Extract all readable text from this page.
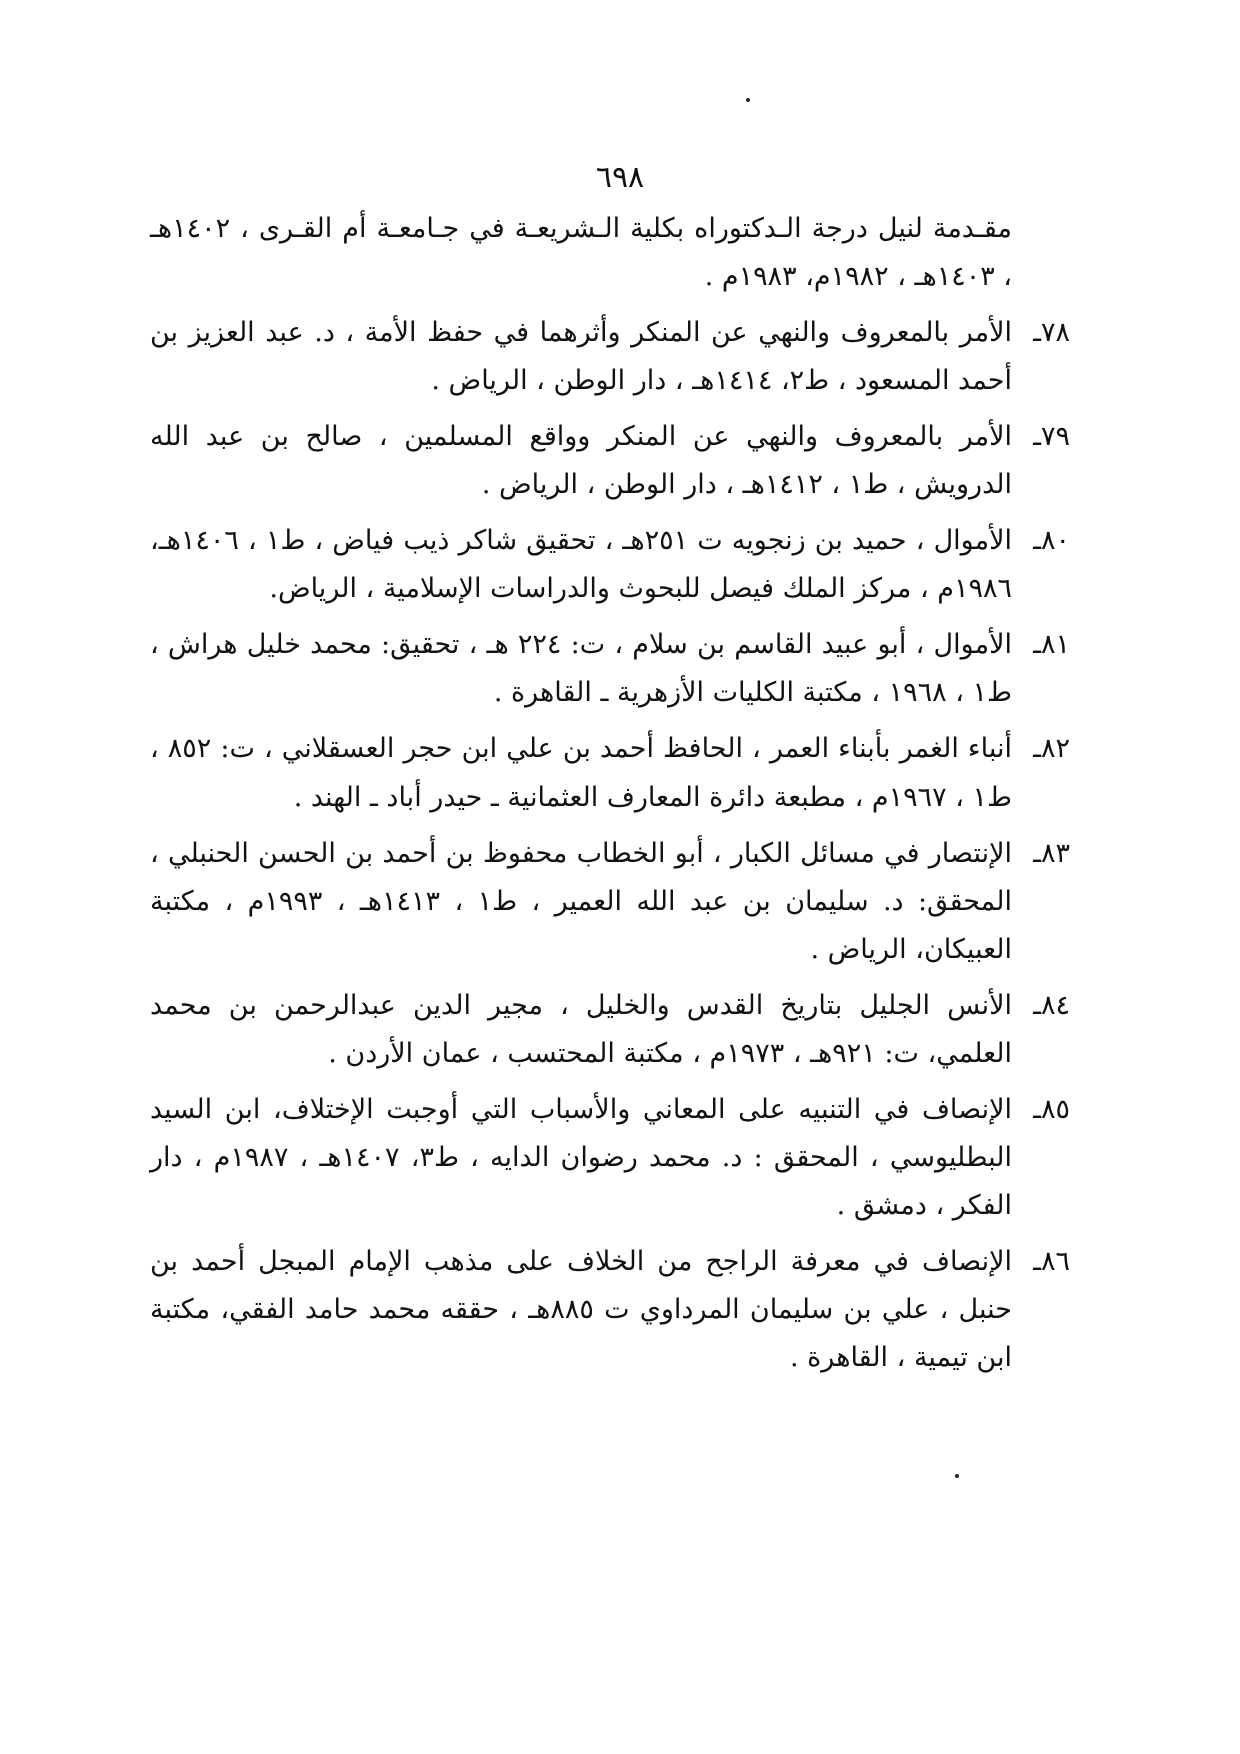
٦٩٨
مقـدمة لنيل درجة الـدكتوراه بكلية الـشريعـة في جـامعـة أم القـرى ، ١٤٠٢هـ ، ١٤٠٣هـ ، ١٩٨٢م، ١٩٨٣م .
٧٨ـ
الأمر بالمعروف والنهي عن المنكر وأثرهما في حفظ الأمة ، د. عبد العزيز بن أحمد المسعود ، ط٢، ١٤١٤هـ ، دار الوطن ، الرياض .
٧٩ـ
الأمر بالمعروف والنهي عن المنكر وواقع المسلمين ، صالح بن عبد الله الدرويش ، ط١ ، ١٤١٢هـ ، دار الوطن ، الرياض .
٨٠ـ
الأموال ، حميد بن زنجويه ت ٢٥١هـ ، تحقيق شاكر ذيب فياض ، ط١ ، ١٤٠٦هـ، ١٩٨٦م ، مركز الملك فيصل للبحوث والدراسات الإسلامية ، الرياض.
٨١ـ
الأموال ، أبو عبيد القاسم بن سلام ، ت: ٢٢٤ هـ ، تحقيق: محمد خليل هراش ، ط١ ، ١٩٦٨ ، مكتبة الكليات الأزهرية ـ القاهرة .
٨٢ـ
أنباء الغمر بأبناء العمر ، الحافظ أحمد بن علي ابن حجر العسقلاني ، ت: ٨٥٢ ، ط١ ، ١٩٦٧م ، مطبعة دائرة المعارف العثمانية ـ حيدر أباد ـ الهند .
٨٣ـ
الإنتصار في مسائل الكبار ، أبو الخطاب محفوظ بن أحمد بن الحسن الحنبلي ، المحقق: د. سليمان بن عبد الله العمير ، ط١ ، ١٤١٣هـ ، ١٩٩٣م ، مكتبة العبيكان، الرياض .
٨٤ـ
الأنس الجليل بتاريخ القدس والخليل ، مجير الدين عبدالرحمن بن محمد العلمي، ت: ٩٢١هـ ، ١٩٧٣م ، مكتبة المحتسب ، عمان الأردن .
٨٥ـ
الإنصاف في التنبيه على المعاني والأسباب التي أوجبت الإختلاف، ابن السيد البطليوسي ، المحقق : د. محمد رضوان الدايه ، ط٣، ١٤٠٧هـ ، ١٩٨٧م ، دار الفكر ، دمشق .
٨٦ـ
الإنصاف في معرفة الراجح من الخلاف على مذهب الإمام المبجل أحمد بن حنبل ، علي بن سليمان المرداوي ت ٨٨٥هـ ، حققه محمد حامد الفقي، مكتبة ابن تيمية ، القاهرة .
